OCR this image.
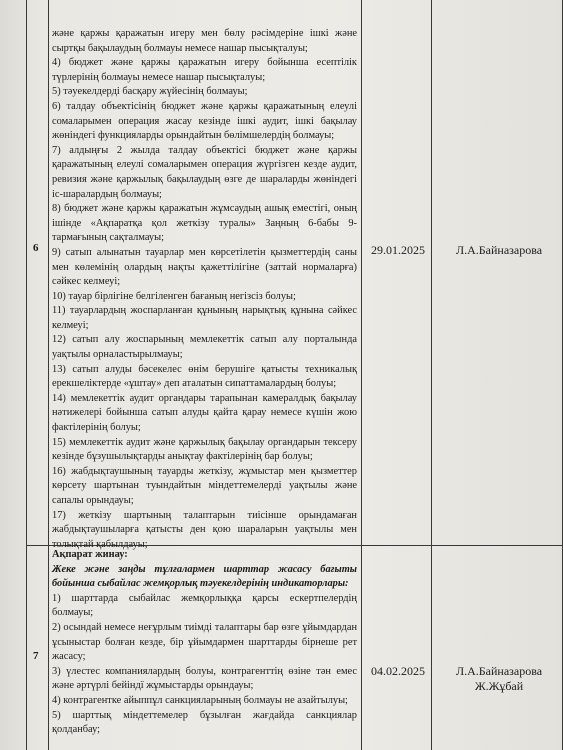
6

және қаржы қаражатын игеру мен бөлу рәсімдеріне ішкі және сыртқы бақылаудың болмауы немесе нашар пысықталуы;

4) бюджет және қаржы қаражатын игеру бойынша есептілік түрлерінің болмауы немесе нашар пысықталуы;

5) тәуекелдерді басқару жүйесінің болмауы;

6) талдау объектісінің бюджет және қаржы қаражатының елеулі сомаларымен операция жасау кезінде ішкі аудит, ішкі бақылау жөніндегі функцияларды орындайтын бөлімшелердің болмауы;

7) алдыңғы 2 жылда талдау объектісі бюджет және қаржы қаражатының елеулі сомаларымен операция жүргізген кезде аудит, ревизия және қаржылық бақылаудың өзге де шараларды жөніндегі іс-шаралардың болмауы;

8) бюджет және қаржы қаражатын жұмсаудың ашық еместігі, оның ішінде «Ақпаратқа қол жеткізу туралы» Заңның 6-бабы 9-тармағының сақталмауы;

9) сатып алынатын тауарлар мен көрсетілетін қызметтердің саны мен көлемінің олардың нақты қажеттілігіне (заттай нормаларға) сәйкес келмеуі;

10) тауар бірлігіне белгіленген бағаның негізсіз болуы;

11) тауарлардың жоспарланған құнының нарықтық құнына сәйкес келмеуі;

12) сатып алу жоспарының мемлекеттік сатып алу порталында уақтылы орналастырылмауы;

13) сатып алуды бәсекелес өнім берушіге қатысты техникалық ерекшеліктерде «ұштау» деп аталатын сипаттамалардың болуы;

14) мемлекеттік аудит органдары тарапынан камералдық бақылау нәтижелері бойынша сатып алуды қайта қарау немесе күшін жою фактілерінің болуы;

15) мемлекеттік аудит және қаржылық бақылау органдарын тексеру кезінде бұзушылықтарды анықтау фактілерінің бар болуы;

16) жабдықтаушының тауарды жеткізу, жұмыстар мен қызметтер көрсету шартынан туындайтын міндеттемелерді уақтылы және сапалы орындауы;

17) жеткізу шартының талаптарын тиісінше орындамаған жабдықтаушыларға қатысты ден қою шараларын уақтылы мен толықтай қабылдауы;

29.01.2025	Л.А.Байназарова
7

Ақпарат жинау:

Жеке және заңды тұлғалармен шарттар жасасу бағыты бойынша сыбайлас жемқорлық тәуекелдерінің индикаторлары:

1) шарттарда сыбайлас жемқорлыққа қарсы ескертпелердің болмауы;

2) осындай немесе неғұрлым тиімді талаптары бар өзге ұйымдардан ұсыныстар болған кезде, бір ұйымдармен шарттарды бірнеше рет жасасу;

3) үлестес компаниялардың болуы, контрагенттің өзіне тән емес және әртүрлі бейіндї жұмыстарды орындауы;

4) контрагентке айыппұл санкцияларының болмауы не азайтылуы;

5) шарттық міндеттемелер бұзылған жағдайда санкциялар қолданбау;

04.02.2025	Л.А.Байназарова
Ж.Жұбай
